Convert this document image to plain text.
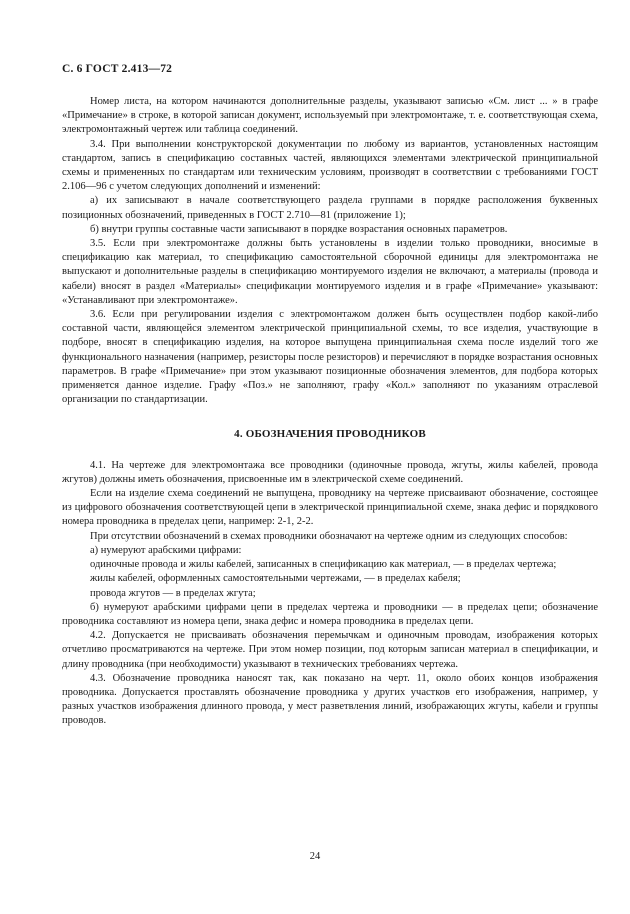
С. 6 ГОСТ 2.413—72

Номер листа, на котором начинаются дополнительные разделы, указывают записью «См. лист ... » в графе «Примечание» в строке, в которой записан документ, используемый при электромонтаже, т. е. соответствующая схема, электромонтажный чертеж или таблица соединений.

3.4. При выполнении конструкторской документации по любому из вариантов, установленных настоящим стандартом, запись в спецификацию составных частей, являющихся элементами электрической принципиальной схемы и примененных по стандартам или техническим условиям, производят в соответствии с требованиями ГОСТ 2.106—96 с учетом следующих дополнений и изменений:

а) их записывают в начале соответствующего раздела группами в порядке расположения буквенных позиционных обозначений, приведенных в ГОСТ 2.710—81 (приложение 1);

б) внутри группы составные части записывают в порядке возрастания основных параметров.

3.5. Если при электромонтаже должны быть установлены в изделии только проводники, вносимые в спецификацию как материал, то спецификацию самостоятельной сборочной единицы для электромонтажа не выпускают и дополнительные разделы в спецификацию монтируемого изделия не включают, а материалы (провода и кабели) вносят в раздел «Материалы» спецификации монтируемого изделия и в графе «Примечание» указывают: «Устанавливают при электромонтаже».

3.6. Если при регулировании изделия с электромонтажом должен быть осуществлен подбор какой-либо составной части, являющейся элементом электрической принципиальной схемы, то все изделия, участвующие в подборе, вносят в спецификацию изделия, на которое выпущена принципиальная схема после изделий того же функционального назначения (например, резисторы после резисторов) и перечисляют в порядке возрастания основных параметров. В графе «Примечание» при этом указывают позиционные обозначения элементов, для подбора которых применяется данное изделие. Графу «Поз.» не заполняют, графу «Кол.» заполняют по указаниям отраслевой организации по стандартизации.

4. ОБОЗНАЧЕНИЯ ПРОВОДНИКОВ

4.1. На чертеже для электромонтажа все проводники (одиночные провода, жгуты, жилы кабелей, провода жгутов) должны иметь обозначения, присвоенные им в электрической схеме соединений.

Если на изделие схема соединений не выпущена, проводнику на чертеже присваивают обозначение, состоящее из цифрового обозначения соответствующей цепи в электрической принципиальной схеме, знака дефис и порядкового номера проводника в пределах цепи, например: 2-1, 2-2.

При отсутствии обозначений в схемах проводники обозначают на чертеже одним из следующих способов:

а) нумеруют арабскими цифрами:

одиночные провода и жилы кабелей, записанных в спецификацию как материал, — в пределах чертежа;

жилы кабелей, оформленных самостоятельными чертежами, — в пределах кабеля;

провода жгутов — в пределах жгута;

б) нумеруют арабскими цифрами цепи в пределах чертежа и проводники — в пределах цепи; обозначение проводника составляют из номера цепи, знака дефис и номера проводника в пределах цепи.

4.2. Допускается не присваивать обозначения перемычкам и одиночным проводам, изображения которых отчетливо просматриваются на чертеже. При этом номер позиции, под которым записан материал в спецификации, и длину проводника (при необходимости) указывают в технических требованиях чертежа.

4.3. Обозначение проводника наносят так, как показано на черт. 11, около обоих концов изображения проводника. Допускается проставлять обозначение проводника у других участков его изображения, например, у разных участков изображения длинного провода, у мест разветвления линий, изображающих жгуты, кабели и группы проводов.

24
